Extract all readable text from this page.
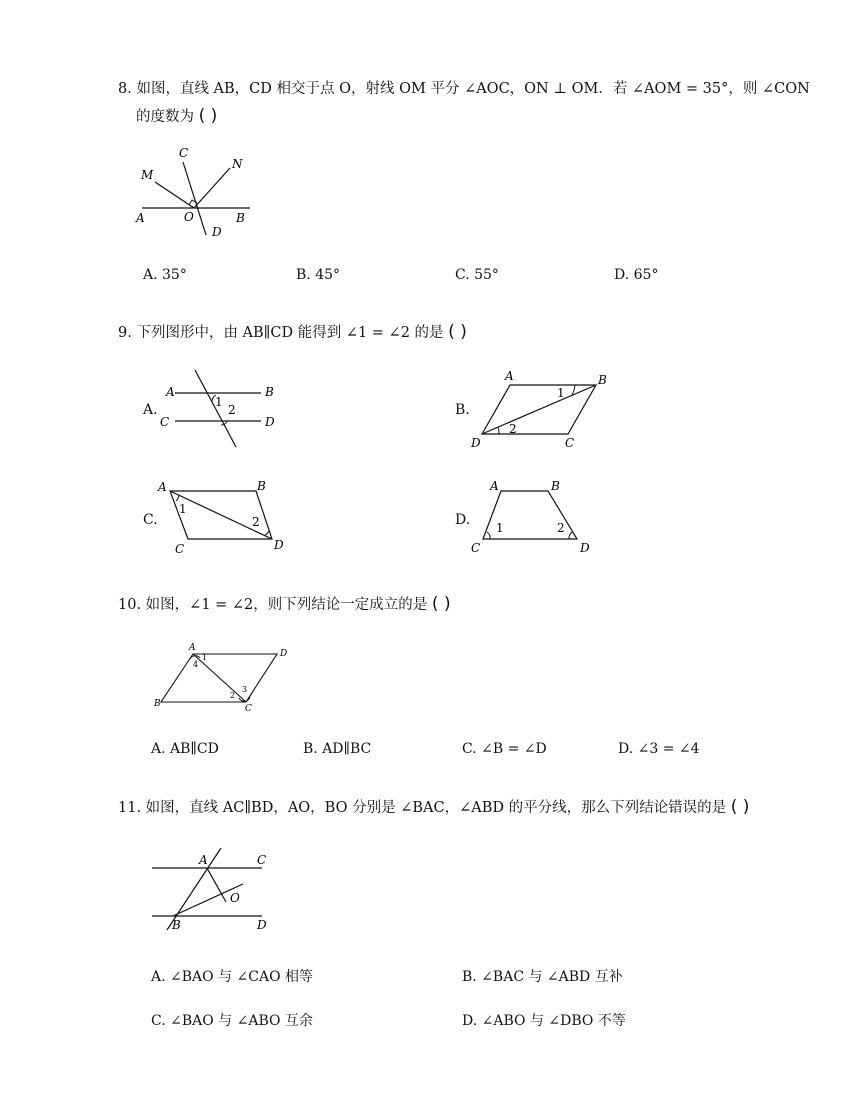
8. 如图，直线 AB，CD 相交于点 O，射线 OM 平分 ∠AOC，ON ⊥ OM．若 ∠AOM = 35°，则 ∠CON
的度数为 ( )
A	B
C
D
M
N
O
A. 35°	B. 45°	C. 55°	D. 65°
9. 下列图形中，由 AB∥CD 能得到 ∠1 = ∠2 的是 ( )
A.
A	B
C	D
1
2	B.
A	B
C
D
1
2
C.
A	B
C	D
1
2	D.
A	B
C	D
1	2
10. 如图，∠1 = ∠2，则下列结论一定成立的是 ( )
A
B	C
D
1
2
3
4
A. AB∥CD	B. AD∥BC	C. ∠B = ∠D	D. ∠3 = ∠4
11. 如图，直线 AC∥BD，AO，BO 分别是 ∠BAC，∠ABD 的平分线，那么下列结论错误的是 ( )
A	C
B	D
O
A. ∠BAO 与 ∠CAO 相等	B. ∠BAC 与 ∠ABD 互补
C. ∠BAO 与 ∠ABO 互余	D. ∠ABO 与 ∠DBO 不等
